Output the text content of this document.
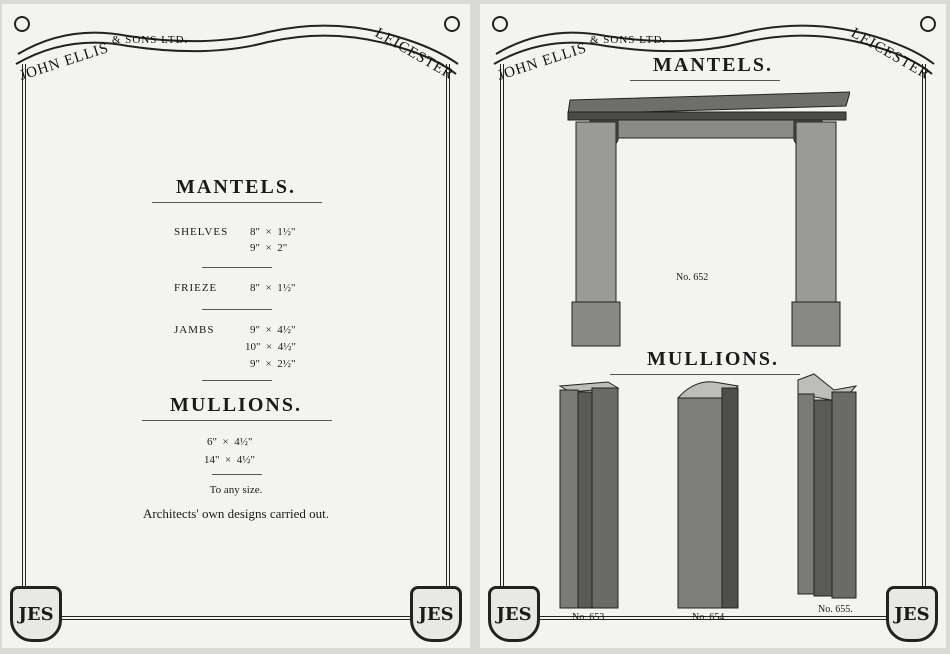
JOHN ELLIS
& SONS LTD.	LEICESTER
JES	JES
MANTELS.
SHELVES 8"  ×  1½"
9"  ×  2"
FRIEZE	8"  ×  1½"
JAMBS	9"  ×  4½"
10"  ×  4½"
9"  ×  2½"
MULLIONS.
6"  ×  4½"
14"  ×  4½"
To any size.
Architects' own designs carried out.
JOHN ELLIS
& SONS LTD.	LEICESTER
JES	JES
MANTELS.
No. 652
MULLIONS.
No. 653	No. 654
No. 655.
